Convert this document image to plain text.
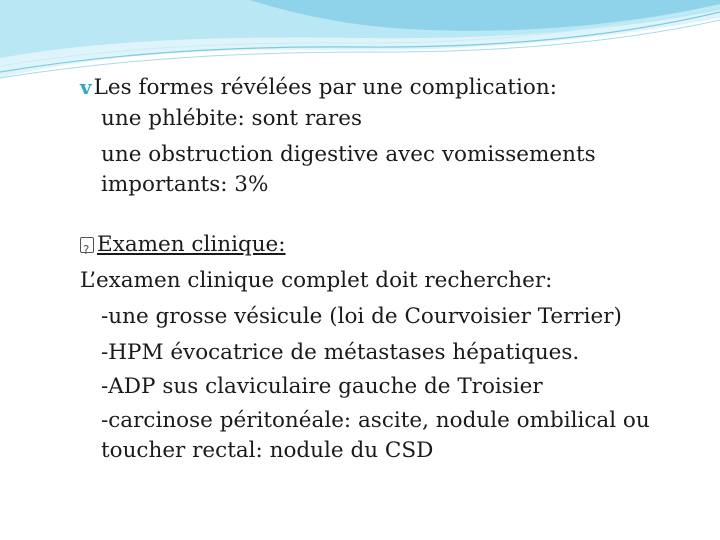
vLes formes révélées par une complication:
une phlébite: sont rares
une obstruction digestive avec vomissements
importants: 3%
?Examen clinique:
L’examen clinique complet doit rechercher:
-une grosse vésicule (loi de Courvoisier Terrier)
-HPM évocatrice de métastases hépatiques.
-ADP sus claviculaire gauche de Troisier
-carcinose péritonéale: ascite, nodule ombilical ou
toucher rectal: nodule du CSD
